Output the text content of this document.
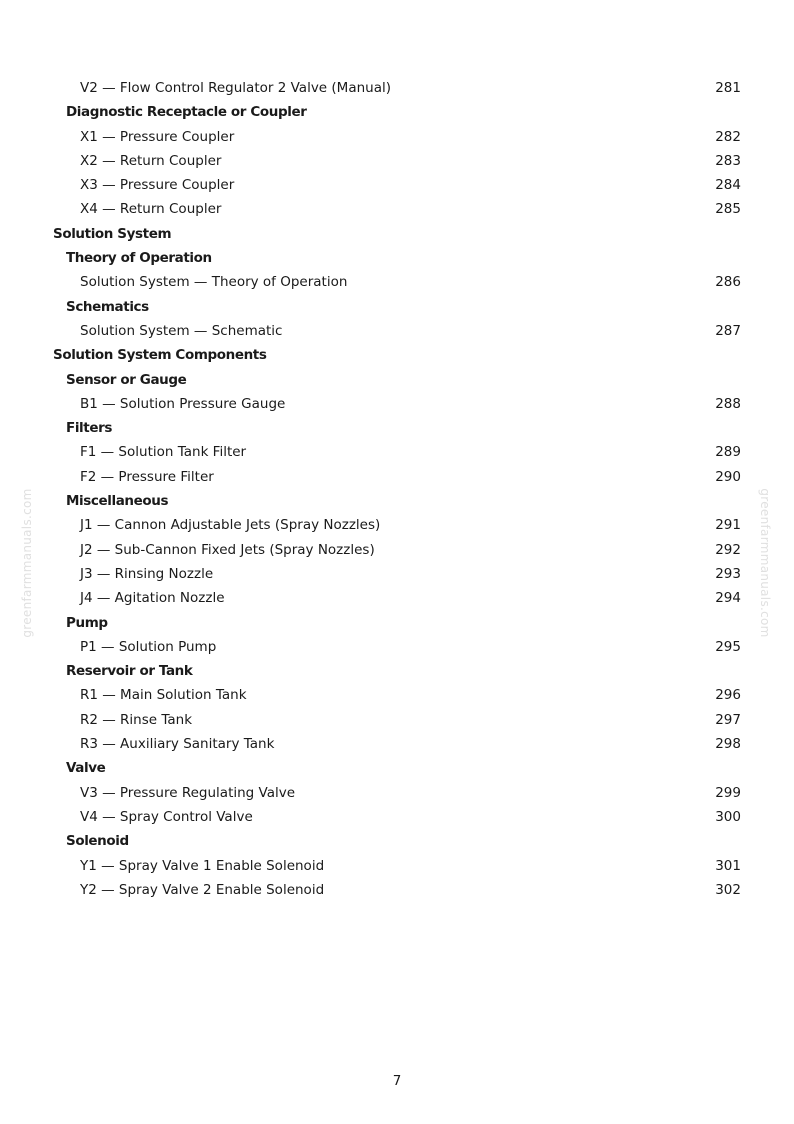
V2 — Flow Control Regulator 2 Valve (Manual)	281
Diagnostic Receptacle or Coupler
X1 — Pressure Coupler	282
X2 — Return Coupler	283
X3 — Pressure Coupler	284
X4 — Return Coupler	285
Solution System
Theory of Operation
Solution System — Theory of Operation	286
Schematics
Solution System — Schematic	287
Solution System Components
Sensor or Gauge
B1 — Solution Pressure Gauge	288
Filters
F1 — Solution Tank Filter	289
F2 — Pressure Filter	290
Miscellaneous
J1 — Cannon Adjustable Jets (Spray Nozzles)	291
J2 — Sub-Cannon Fixed Jets (Spray Nozzles)	292
J3 — Rinsing Nozzle	293
J4 — Agitation Nozzle	294
Pump
P1 — Solution Pump	295
Reservoir or Tank
R1 — Main Solution Tank	296
R2 — Rinse Tank	297
R3 — Auxiliary Sanitary Tank	298
Valve
V3 — Pressure Regulating Valve	299
V4 — Spray Control Valve	300
Solenoid
Y1 — Spray Valve 1 Enable Solenoid	301
Y2 — Spray Valve 2 Enable Solenoid	302
greenfarmmanuals.com	greenfarmmanuals.com
7
